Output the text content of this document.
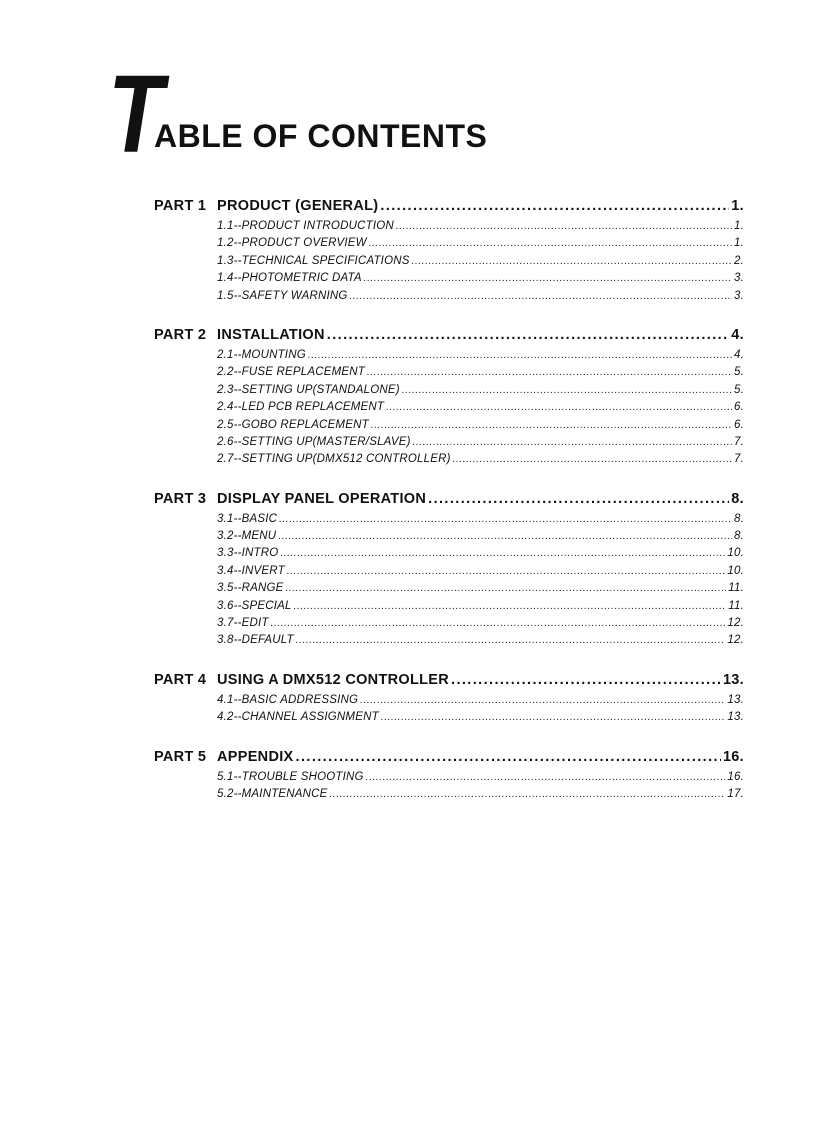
T
ABLE OF CONTENTS
PART 1 PRODUCT (GENERAL) .....	1.
1.1--PRODUCT INTRODUCTION .....	1.
1.2--PRODUCT OVERVIEW .....	1.
1.3--TECHNICAL SPECIFICATIONS .....	2.
1.4--PHOTOMETRIC DATA .....	3.
1.5--SAFETY WARNING .....	3.
PART 2 INSTALLATION .....	4.
2.1--MOUNTING .....	4.
2.2--FUSE REPLACEMENT .....	5.
2.3--SETTING UP(STANDALONE) .....	5.
2.4--LED PCB REPLACEMENT .....	6.
2.5--GOBO REPLACEMENT .....	6.
2.6--SETTING UP(MASTER/SLAVE) .....	7.
2.7--SETTING UP(DMX512 CONTROLLER) .....	7.
PART 3 DISPLAY PANEL OPERATION .....	8.
3.1--BASIC .....	8.
3.2--MENU .....	8.
3.3--INTRO .....	10.
3.4--INVERT .....	10.
3.5--RANGE .....	11.
3.6--SPECIAL .....	11.
3.7--EDIT .....	12.
3.8--DEFAULT .....	12.
PART 4 USING A DMX512 CONTROLLER .....	13.
4.1--BASIC ADDRESSING .....	13.
4.2--CHANNEL ASSIGNMENT .....	13.
PART 5 APPENDIX .....	16.
5.1--TROUBLE SHOOTING .....	16.
5.2--MAINTENANCE .....	17.
